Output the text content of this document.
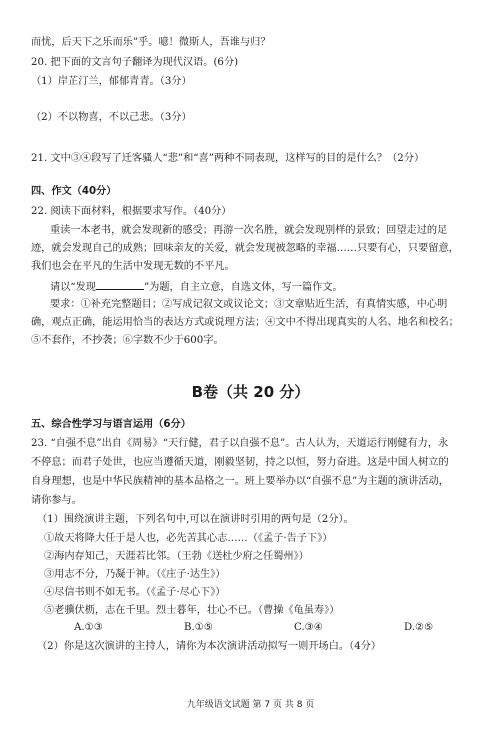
而忧，后天下之乐而乐”乎。噫！微斯人，吾谁与归？
20. 把下面的文言句子翻译为现代汉语。(6分)
（1）岸芷汀兰，郁郁青青。（3分）
（2）不以物喜，不以己悲。（3分）
21. 文中③④段写了迁客骚人“悲”和“喜”两种不同表现，这样写的目的是什么？（2分）
四、作文（40分）
22. 阅读下面材料，根据要求写作。（40分）
重读一本老书，就会发现新的感受；再游一次名胜，就会发现别样的景致；回望走过的足
迹，就会发现自己的成熟；回味亲友的关爱，就会发现被忽略的幸福……只要有心，只要留意，
我们也会在平凡的生活中发现无数的不平凡。
请以“发现	”为题，自主立意，自选文体，写一篇作文。
要求：①补充完整题目；②写成记叙文或议论文；③文章贴近生活，有真情实感，中心明
确，观点正确，能运用恰当的表达方式或说理方法；④文中不得出现真实的人名、地名和校名；
⑤不套作，不抄袭；⑥字数不少于600字。
B卷（共 20 分）
五、综合性学习与语言运用（6分）
23. “自强不息”出自《周易》“天行健，君子以自强不息”。古人认为，天道运行刚健有力，永
不停息；而君子处世，也应当遵循天道，刚毅坚韧，持之以恒，努力奋进。这是中国人树立的
自身理想，也是中华民族精神的基本品格之一。班上要举办以“自强不息”为主题的演讲活动，
请你参与。
（1）围绕演讲主题，下列名句中,可以在演讲时引用的两句是（2分）。
①故天将降大任于是人也，必先苦其心志……（《孟子·告子下》）
②海内存知己，天涯若比邻。（王勃《送杜少府之任蜀州》）
③用志不分，乃凝于神。（《庄子·达生》）
④尽信书则不如无书。（《孟子·尽心下》）
⑤老骥伏枥，志在千里。烈士暮年，壮心不已。（曹操《龟虽寿》）
A.①③	B.①⑤	C.③④	D.②⑤
（2）你是这次演讲的主持人，请你为本次演讲活动拟写一则开场白。（4分）
九年级语文试题 第 7 页 共 8 页
